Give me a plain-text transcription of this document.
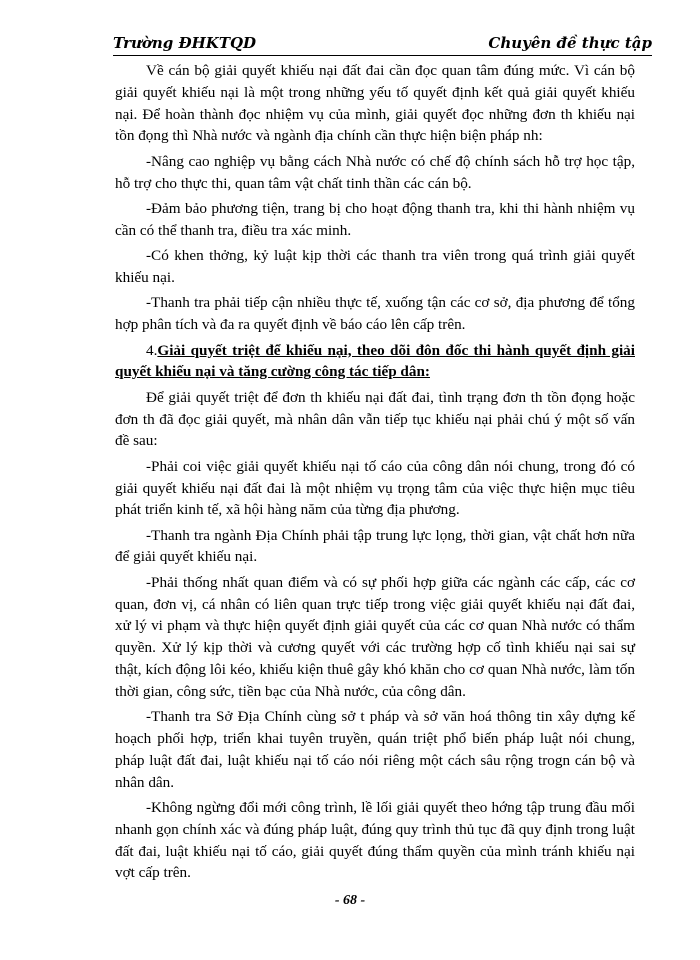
Trường ĐHKTQD	Chuyên đề thực tập

Về cán bộ giải quyết khiếu nại đất đai cần đọc quan tâm đúng mức. Vì cán bộ giải quyết khiếu nại là một trong những yếu tố quyết định kết quả giải quyết khiếu nại. Để hoàn thành đọc nhiệm vụ của mình, giải quyết đọc những đơn th khiếu nại tồn đọng thì Nhà nước và ngành địa chính cần thực hiện biện pháp nh:

-Nâng cao nghiệp vụ bằng cách Nhà nước có chế độ chính sách hỗ trợ học tập, hỗ trợ cho thực thi, quan tâm vật chất tinh thần các cán bộ.

-Đảm bảo phương tiện, trang bị cho hoạt động thanh tra, khi thi hành nhiệm vụ cần có thể thanh tra, điều tra xác minh.

-Có khen thởng, kỷ luật kịp thời các thanh tra viên trong quá trình giải quyết khiếu nại.

-Thanh tra phải tiếp cận nhiều thực tế, xuống tận các cơ sở, địa phương để tổng hợp phân tích và đa ra quyết định về báo cáo lên cấp trên.

4.Giải quyết triệt để khiếu nại, theo dõi đôn đốc thi hành quyết định giải quyết khiếu nại và tăng cường công tác tiếp dân:

Để giải quyết triệt để đơn th khiếu nại đất đai, tình trạng đơn th tồn đọng hoặc đơn th đã đọc giải quyết, mà nhân dân vẫn tiếp tục khiếu nại phải chú ý một số vấn đề sau:

-Phải coi việc giải quyết khiếu nại tố cáo của công dân nói chung, trong đó có giải quyết khiếu nại đất đai là một nhiệm vụ trọng tâm của việc thực hiện mục tiêu phát triển kinh tế, xã hội hàng năm của từng địa phương.

-Thanh tra ngành Địa Chính phải tập trung lực lọng, thời gian, vật chất hơn nữa để giải quyết khiếu nại.

-Phải thống nhất quan điểm và có sự phối hợp giữa các ngành các cấp, các cơ quan, đơn vị, cá nhân có liên quan trực tiếp trong việc giải quyết khiếu nại đất đai, xử lý vi phạm và thực hiện quyết định giải quyết của các cơ quan Nhà nước có thẩm quyền. Xử lý kịp thời và cương quyết với các trường hợp cố tình khiếu nại sai sự thật, kích động lôi kéo, khiếu kiện thuê gây khó khăn cho cơ quan Nhà nước, làm tốn thời gian, công sức, tiền bạc của Nhà nước, của công dân.

-Thanh tra Sở Địa Chính cùng sở t pháp và sở văn hoá thông tin xây dựng kế hoạch phối hợp, triển khai tuyên truyền, quán triệt phổ biến pháp luật nói chung, pháp luật đất đai, luật khiếu nại tố cáo nói riêng một cách sâu rộng trogn cán bộ và nhân dân.

-Không ngừng đổi mới công trình, lề lối giải quyết theo hớng tập trung đầu mối nhanh gọn chính xác và đúng pháp luật, đúng quy trình thủ tục đã quy định trong luật đất đai, luật khiếu nại tố cáo, giải quyết đúng thẩm quyền của mình tránh khiếu nại vợt cấp trên.

- 68 -
